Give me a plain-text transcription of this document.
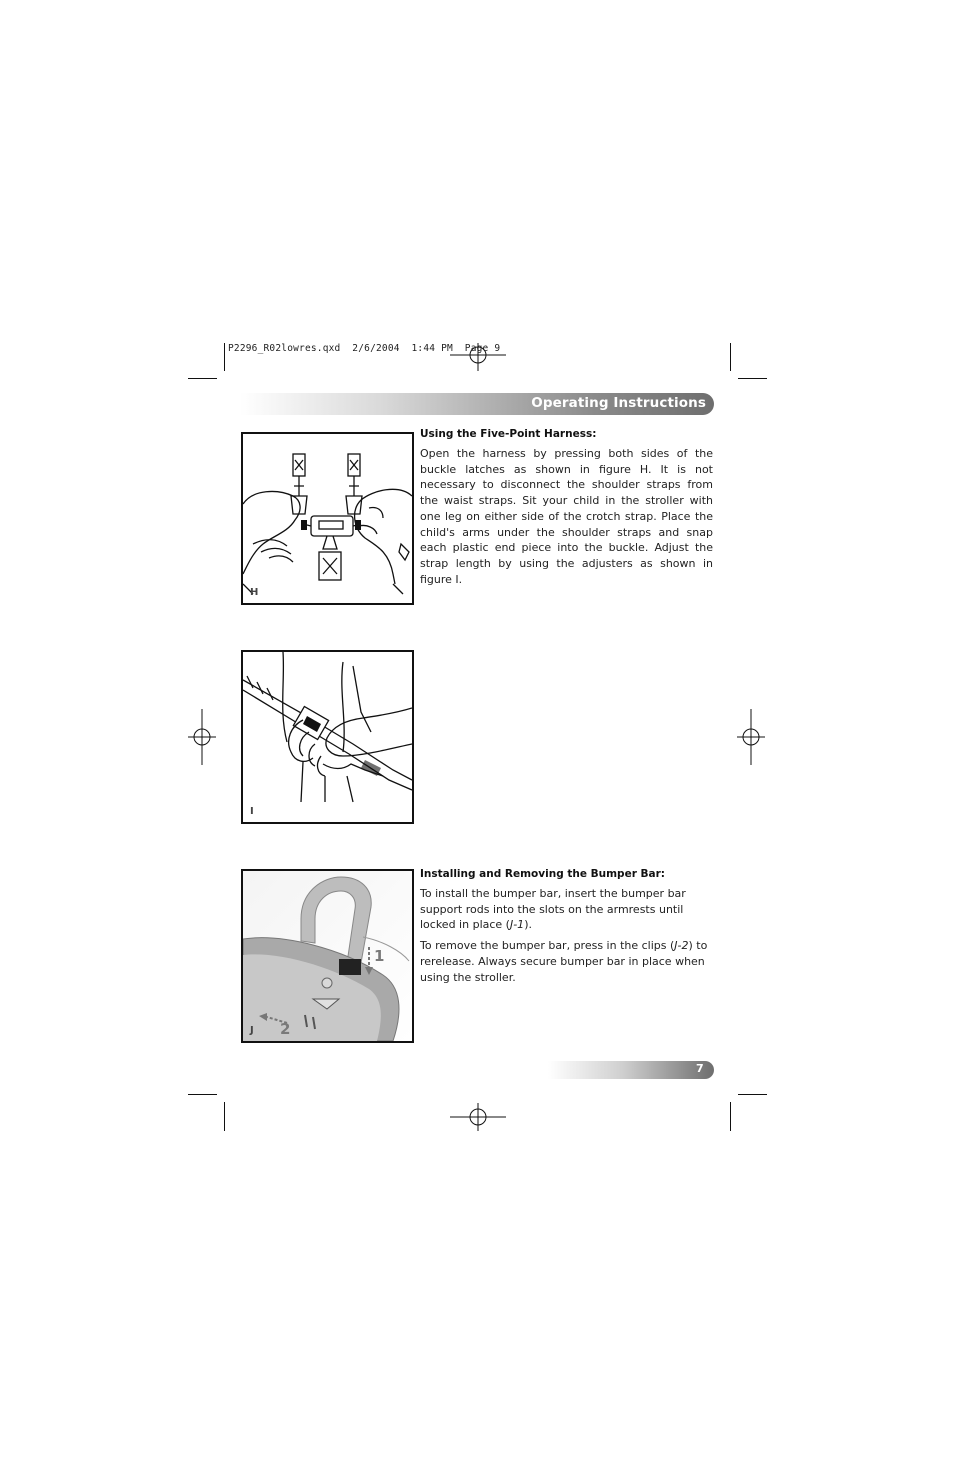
P2296_R02lowres.qxd  2/6/2004  1:44 PM  Page 9
Operating Instructions
H
Using the Five-Point Harness:

Open the harness by pressing both sides of the buckle latches as shown in figure H. It is not necessary to disconnect the shoulder straps from the waist straps. Sit your child in the stroller with one leg on either side of the crotch strap. Place the child's arms under the shoulder straps and snap each plastic end piece into the buckle. Adjust the strap length by using the adjusters as shown in figure I.

I
1
2
J
Installing and Removing the Bumper Bar:

To install the bumper bar, insert the bumper bar support rods into the slots on the armrests until locked in place (J-1).

To remove the bumper bar, press in the clips (J-2) to rerelease. Always secure bumper bar in place when using the stroller.

7
